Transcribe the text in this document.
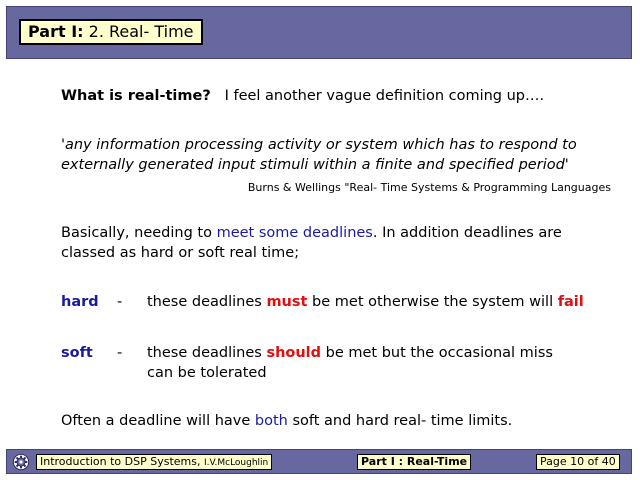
Part I: 2. Real- Time
What is real-time? I feel another vague definition coming up….
'any information processing activity or system which has to respond to
externally generated input stimuli within a finite and specified period'
Burns & Wellings "Real- Time Systems & Programming Languages
Basically, needing to meet some deadlines. In addition deadlines are
classed as hard or soft real time;
hard - these deadlines must be met otherwise the system will fail
soft - these deadlines should be met but the occasional miss
can be tolerated
Often a deadline will have both soft and hard real- time limits.
Introduction to DSP Systems, I.V.McLoughlin	Part I : Real-Time	Page 10 of 40
